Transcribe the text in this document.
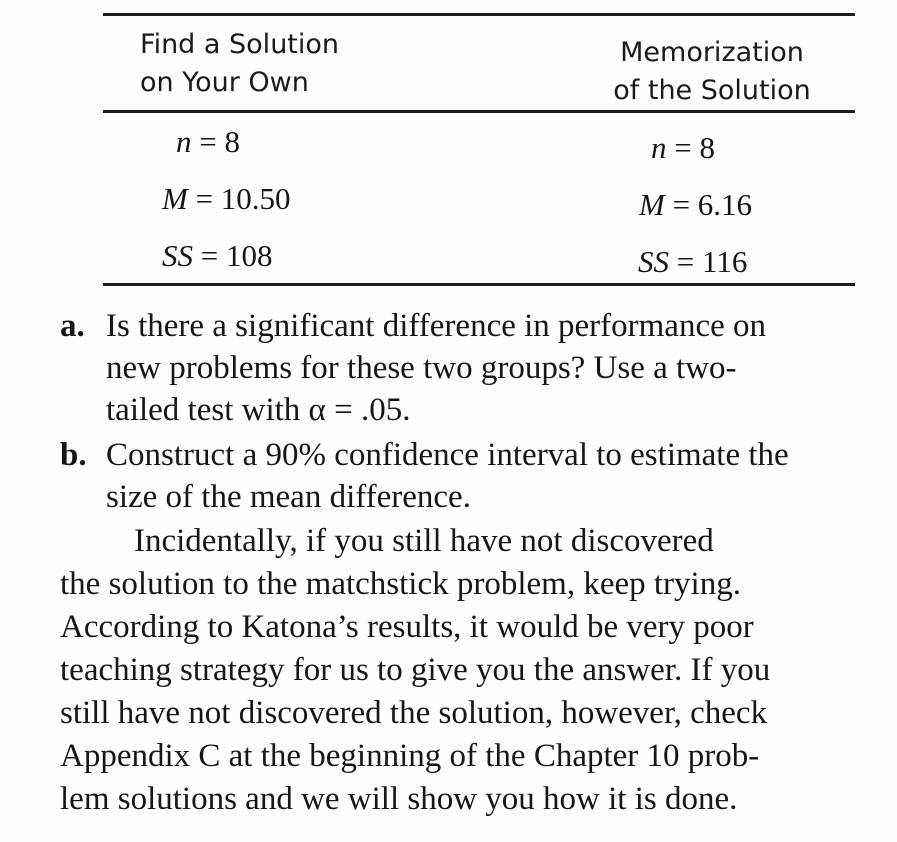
Find a Solution
on Your Own
Memorization
of the Solution
n = 8
M = 10.50
SS = 108
n = 8
M = 6.16
SS = 116
a. Is there a significant difference in performance on
new problems for these two groups? Use a two-
tailed test with α = .05.
b. Construct a 90% confidence interval to estimate the
size of the mean difference.
Incidentally, if you still have not discovered
the solution to the matchstick problem, keep trying.
According to Katona’s results, it would be very poor
teaching strategy for us to give you the answer. If you
still have not discovered the solution, however, check
Appendix C at the beginning of the Chapter 10 prob-
lem solutions and we will show you how it is done.
